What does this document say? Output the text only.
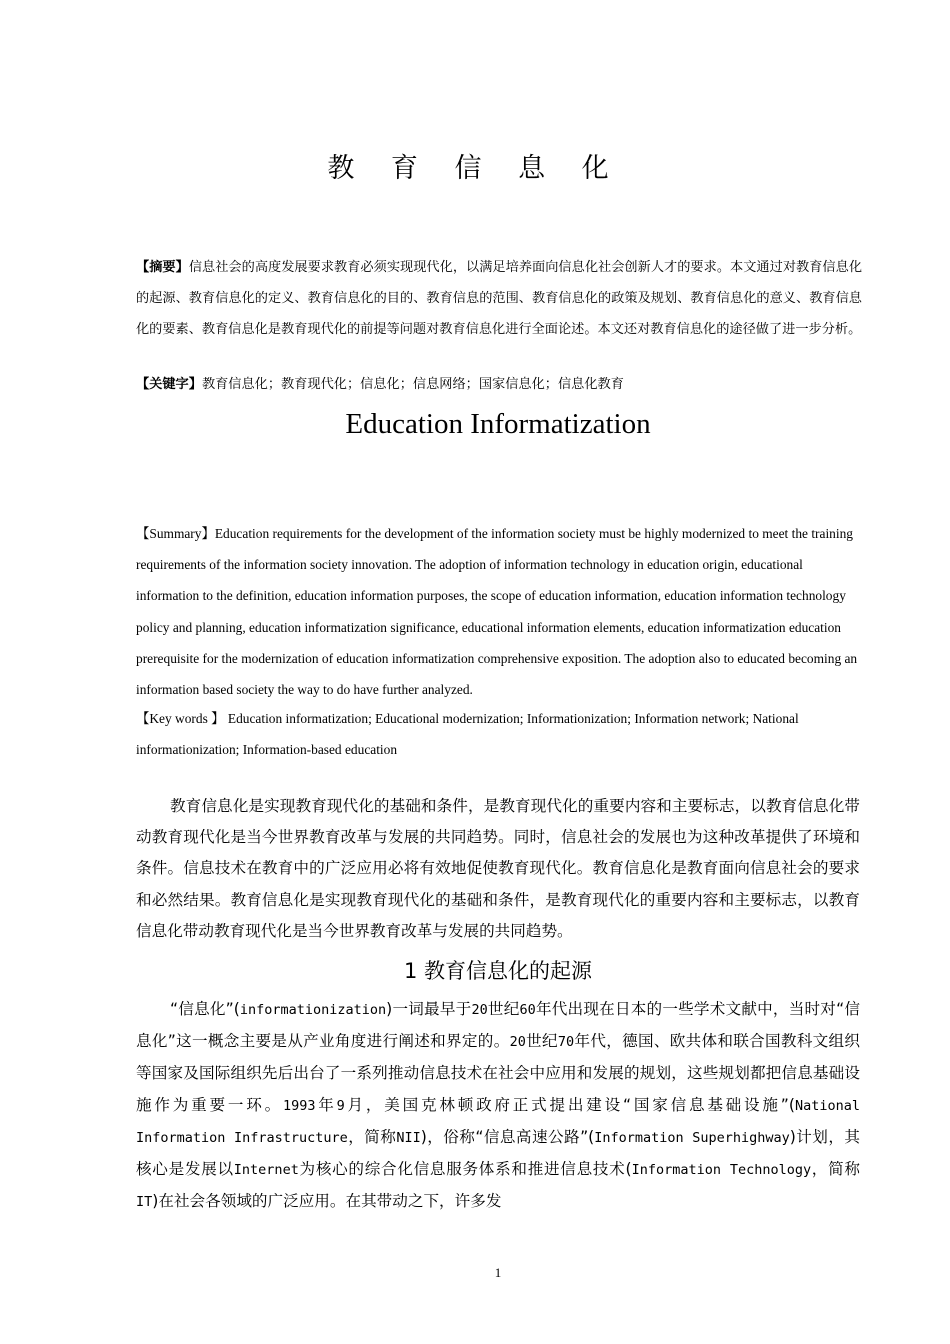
教 育 信 息 化
【摘要】信息社会的高度发展要求教育必须实现现代化，以满足培养面向信息化社会创新人才的要求。本文通过对教育信息化的起源、教育信息化的定义、教育信息化的目的、教育信息的范围、教育信息化的政策及规划、教育信息化的意义、教育信息化的要素、教育信息化是教育现代化的前提等问题对教育信息化进行全面论述。本文还对教育信息化的途径做了进一步分析。
【关键字】教育信息化；教育现代化；信息化；信息网络；国家信息化；信息化教育
Education Informatization
【Summary】Education requirements for the development of the information society must be highly modernized to meet the training requirements of the information society innovation. The adoption of information technology in education origin, educational information to the definition, education information purposes, the scope of education information, education information technology policy and planning, education informatization significance, educational information elements, education informatization education prerequisite for the modernization of education informatization comprehensive exposition. The adoption also to educated becoming an information based society the way to do have further analyzed.
【Key words 】 Education informatization; Educational modernization; Informationization; Information network; National informationization; Information-based education
教育信息化是实现教育现代化的基础和条件，是教育现代化的重要内容和主要标志，以教育信息化带动教育现代化是当今世界教育改革与发展的共同趋势。同时，信息社会的发展也为这种改革提供了环境和条件。信息技术在教育中的广泛应用必将有效地促使教育现代化。教育信息化是教育面向信息社会的要求和必然结果。教育信息化是实现教育现代化的基础和条件，是教育现代化的重要内容和主要标志，以教育信息化带动教育现代化是当今世界教育改革与发展的共同趋势。
1 教育信息化的起源
“信息化”(informationization)一词最早于20世纪60年代出现在日本的一些学术文献中，当时对“信息化”这一概念主要是从产业角度进行阐述和界定的。20世纪70年代，德国、欧共体和联合国教科文组织等国家及国际组织先后出台了一系列推动信息技术在社会中应用和发展的规划，这些规划都把信息基础设施作为重要一环。1993年9月，美国克林顿政府正式提出建设“国家信息基础设施”(National Information Infrastructure，简称NII)，俗称“信息高速公路”(Information Superhighway)计划，其核心是发展以Internet为核心的综合化信息服务体系和推进信息技术(Information Technology，简称IT)在社会各领域的广泛应用。在其带动之下，许多发
1
